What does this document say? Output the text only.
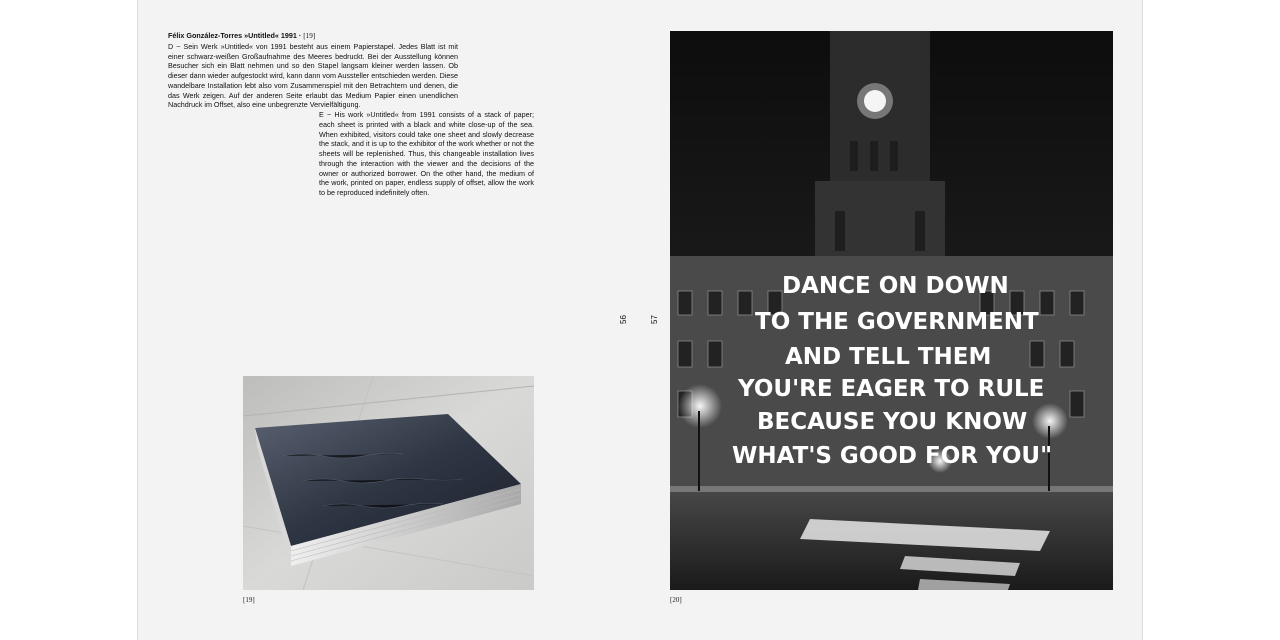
Félix González-Torres »Untitled« 1991 · [19]
D ~ Sein Werk »Untitled« von 1991 besteht aus einem Papierstapel. Jedes Blatt ist mit einer schwarz-weißen Großaufnahme des Meeres bedruckt. Bei der Ausstellung können Besucher sich ein Blatt nehmen und so den Stapel langsam kleiner werden lassen. Ob dieser dann wieder aufgestockt wird, kann dann vom Aussteller entschieden werden. Diese wandelbare Installation lebt also vom Zusammenspiel mit den Betrachtern und denen, die das Werk zeigen. Auf der anderen Seite erlaubt das Medium Papier einen unendlichen Nachdruck im Offset, also eine unbegrenzte Vervielfältigung.
E ~ His work »Untitled« from 1991 consists of a stack of paper; each sheet is printed with a black and white close-up of the sea. When exhibited, visitors could take one sheet and slowly decrease the stack, and it is up to the exhibitor of the work whether or not the sheets will be replenished. Thus, this changeable installation lives through the interaction with the viewer and the decisions of the owner or authorized borrower. On the other hand, the medium of the work, printed on paper, endless supply of offset, allow the work to be reproduced indefinitely often.
56	57
[19]
DANCE ON DOWN
TO THE GOVERNMENT
AND TELL THEM
YOU'RE EAGER TO RULE
BECAUSE YOU KNOW
WHAT'S GOOD FOR YOU"
[20]
